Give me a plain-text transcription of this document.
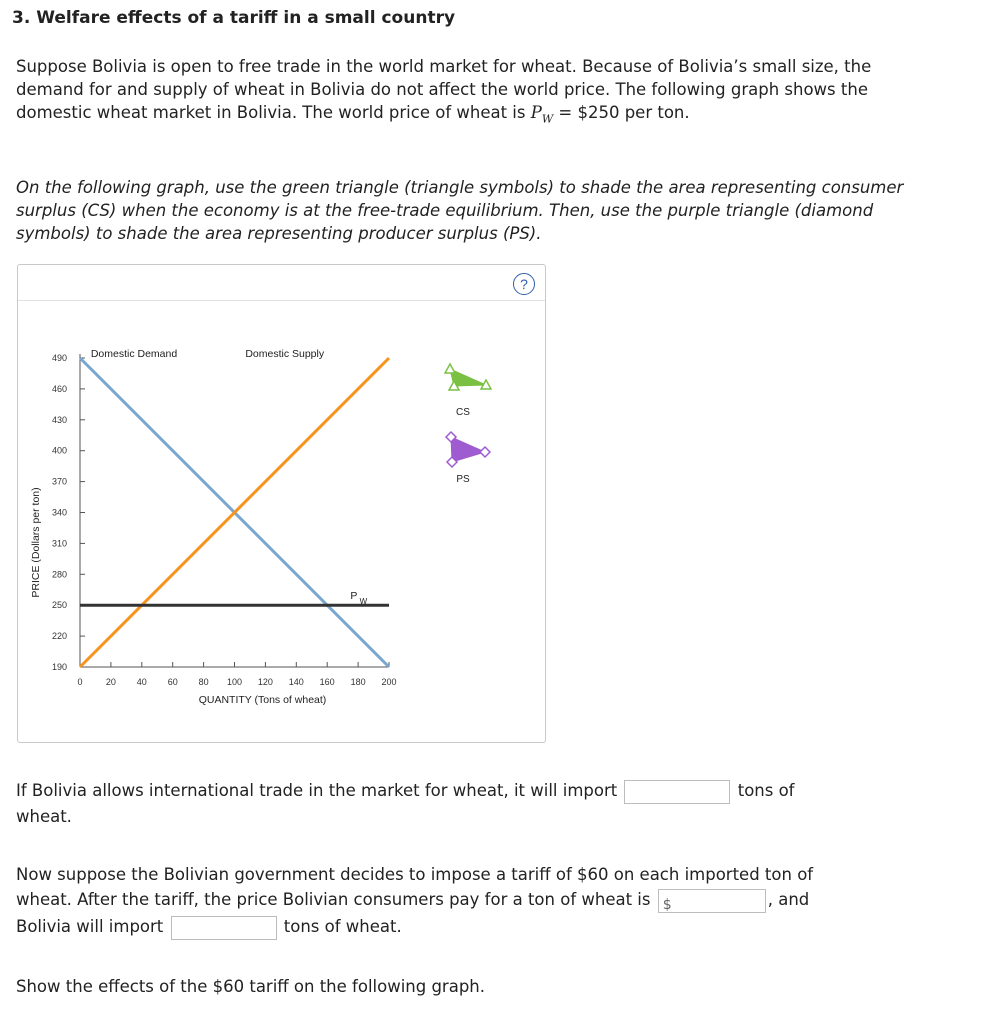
3. Welfare effects of a tariff in a small country
Suppose Bolivia is open to free trade in the world market for wheat. Because of Bolivia’s small size, the demand for and supply of wheat in Bolivia do not affect the world price. The following graph shows the domestic wheat market in Bolivia. The world price of wheat is $P_W$ = $250 per ton.
On the following graph, use the green triangle (triangle symbols) to shade the area representing consumer surplus (CS) when the economy is at the free-trade equilibrium. Then, use the purple triangle (diamond symbols) to shade the area representing producer surplus (PS).
?
490
460
430
400
370
340
310
280
250
220
190
0	20 40 60 80 100 120 140 160 180 200
QUANTITY (Tons of wheat)
PRICE (Dollars per ton)
Domestic Demand	Domestic Supply
P W
CS
PS
If Bolivia allows international trade in the market for wheat, it will import	tons of
wheat.
Now suppose the Bolivian government decides to impose a tariff of $60 on each imported ton of
wheat. After the tariff, the price Bolivian consumers pay for a ton of wheat is $	, and
Bolivia will import	tons of wheat.
Show the effects of the $60 tariff on the following graph.
